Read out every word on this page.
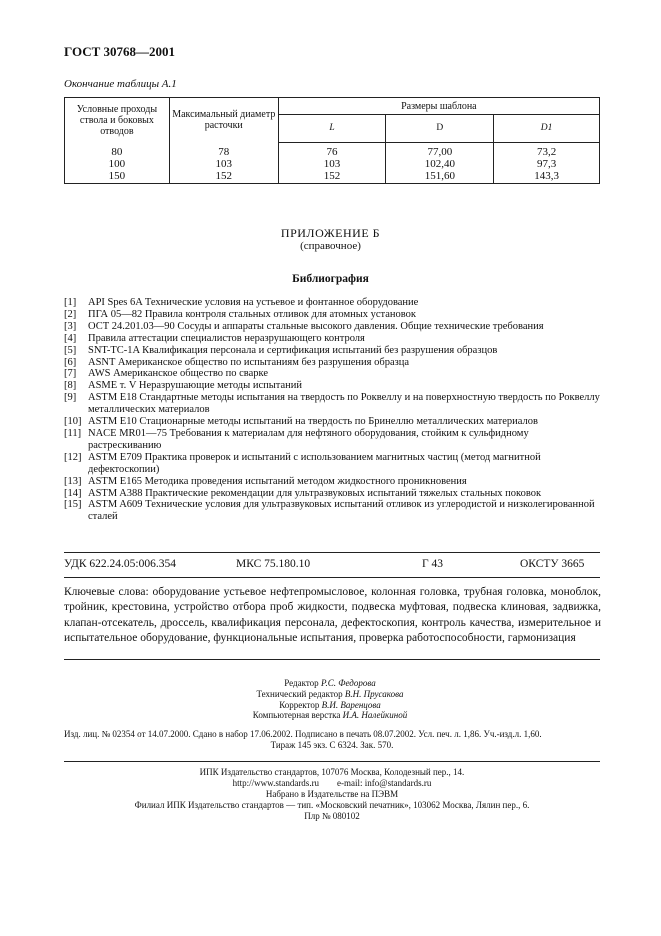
ГОСТ 30768—2001
Окончание таблицы А.1
Условные проходы ствола и боковых отводов	Максимальный диаметр расточки	Размеры шаблона		
		L	D	D1
80	78	76	77,00	73,2
100	103	103	102,40	97,3
150	152	152	151,60	143,3
ПРИЛОЖЕНИЕ Б
(справочное)
Библиография
[1] API Spes 6A Технические условия на устьевое и фонтанное оборудование
[2] ПГА 05—82 Правила контроля стальных отливок для атомных установок
[3] ОСТ 24.201.03—90 Сосуды и аппараты стальные высокого давления. Общие технические требования
[4] Правила аттестации специалистов неразрушающего контроля
[5] SNT-TC-1A Квалификация персонала и сертификация испытаний без разрушения образцов
[6] ASNT Американское общество по испытаниям без разрушения образца
[7] AWS Американское общество по сварке
[8] ASME т. V Неразрушающие методы испытаний
[9] ASTM E18 Стандартные методы испытания на твердость по Роквеллу и на поверхностную твердость по Роквеллу металлических материалов
[10] ASTM E10 Стационарные методы испытаний на твердость по Бринеллю металлических материалов
[11] NACE MR01—75 Требования к материалам для нефтяного оборудования, стойким к сульфидному растрескиванию
[12] ASTM E709 Практика проверок и испытаний с использованием магнитных частиц (метод магнитной дефектоскопии)
[13] ASTM E165 Методика проведения испытаний методом жидкостного проникновения
[14] ASTM A388 Практические рекомендации для ультразвуковых испытаний тяжелых стальных поковок
[15] ASTM A609 Технические условия для ультразвуковых испытаний отливок из углеродистой и низколегированной сталей
УДК 622.24.05:006.354	МКС 75.180.10	Г 43	ОКСТУ 3665
Ключевые слова: оборудование устьевое нефтепромысловое, колонная головка, трубная головка, моноблок, тройник, крестовина, устройство отбора проб жидкости, подвеска муфтовая, подвеска клиновая, задвижка, клапан-отсекатель, дроссель, квалификация персонала, дефектоскопия, контроль качества, измерительное и испытательное оборудование, функциональные испытания, проверка работоспособности, гармонизация
Редактор Р.С. Федорова
Технический редактор В.Н. Прусакова
Корректор В.И. Варенцова
Компьютерная верстка И.А. Налейкиной
Изд. лиц. № 02354 от 14.07.2000. Сдано в набор 17.06.2002. Подписано в печать 08.07.2002. Усл. печ. л. 1,86. Уч.-изд.л. 1,60.
Тираж 145 экз. С 6324. Зак. 570.
ИПК Издательство стандартов, 107076 Москва, Колодезный пер., 14.
http://www.standards.ru        e-mail: info@standards.ru
Набрано в Издательстве на ПЭВМ
Филиал ИПК Издательство стандартов — тип. «Московский печатник», 103062 Москва, Лялин пер., 6.
Плр № 080102
